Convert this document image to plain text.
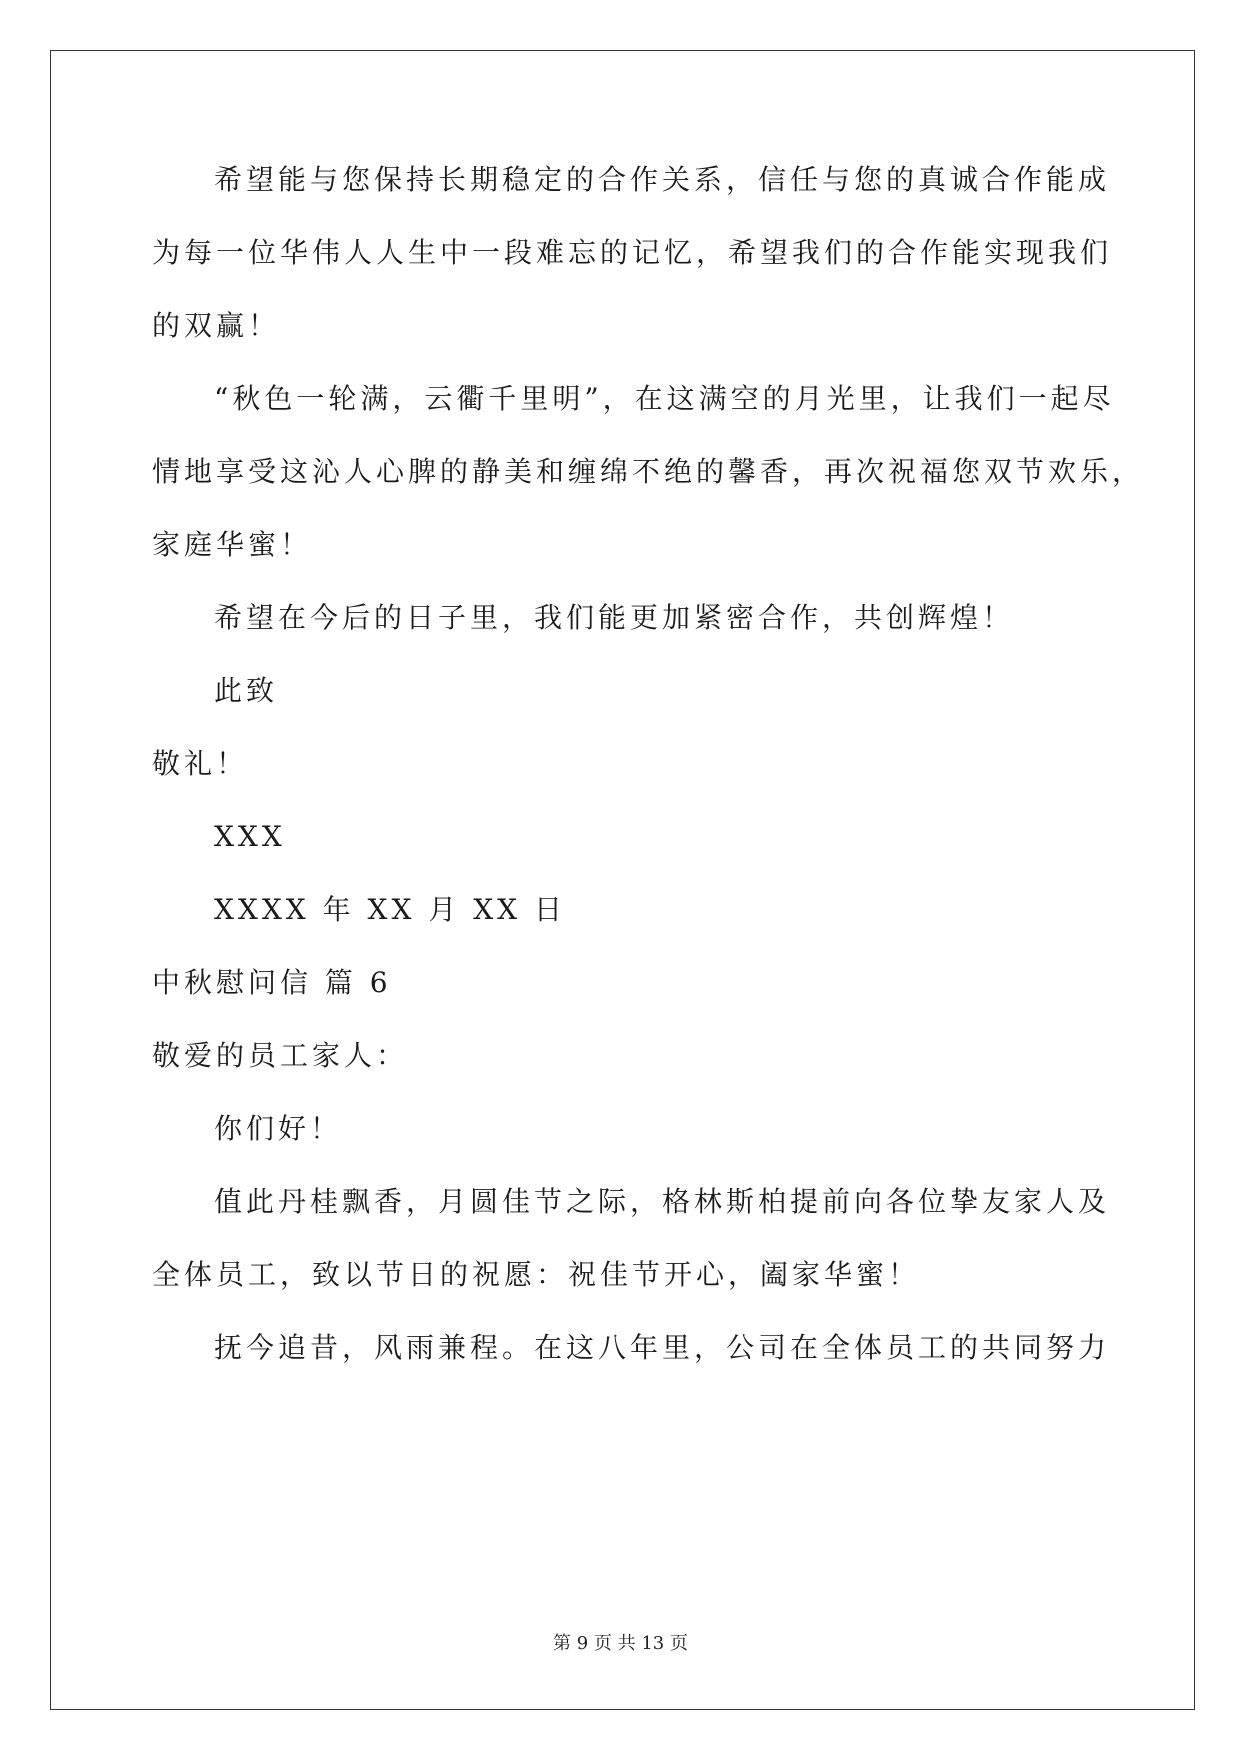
希望能与您保持长期稳定的合作关系，信任与您的真诚合作能成
为每一位华伟人人生中一段难忘的记忆，希望我们的合作能实现我们
的双赢！
“秋色一轮满，云衢千里明”，在这满空的月光里，让我们一起尽
情地享受这沁人心脾的静美和缠绵不绝的馨香，再次祝福您双节欢乐，
家庭华蜜！
希望在今后的日子里，我们能更加紧密合作，共创辉煌！
此致
敬礼！
XXX
XXXX 年 XX 月 XX 日
中秋慰问信 篇 6
敬爱的员工家人：
你们好！
值此丹桂飘香，月圆佳节之际，格林斯柏提前向各位挚友家人及
全体员工，致以节日的祝愿：祝佳节开心，阖家华蜜！
抚今追昔，风雨兼程。在这八年里，公司在全体员工的共同努力
第 9 页 共 13 页
